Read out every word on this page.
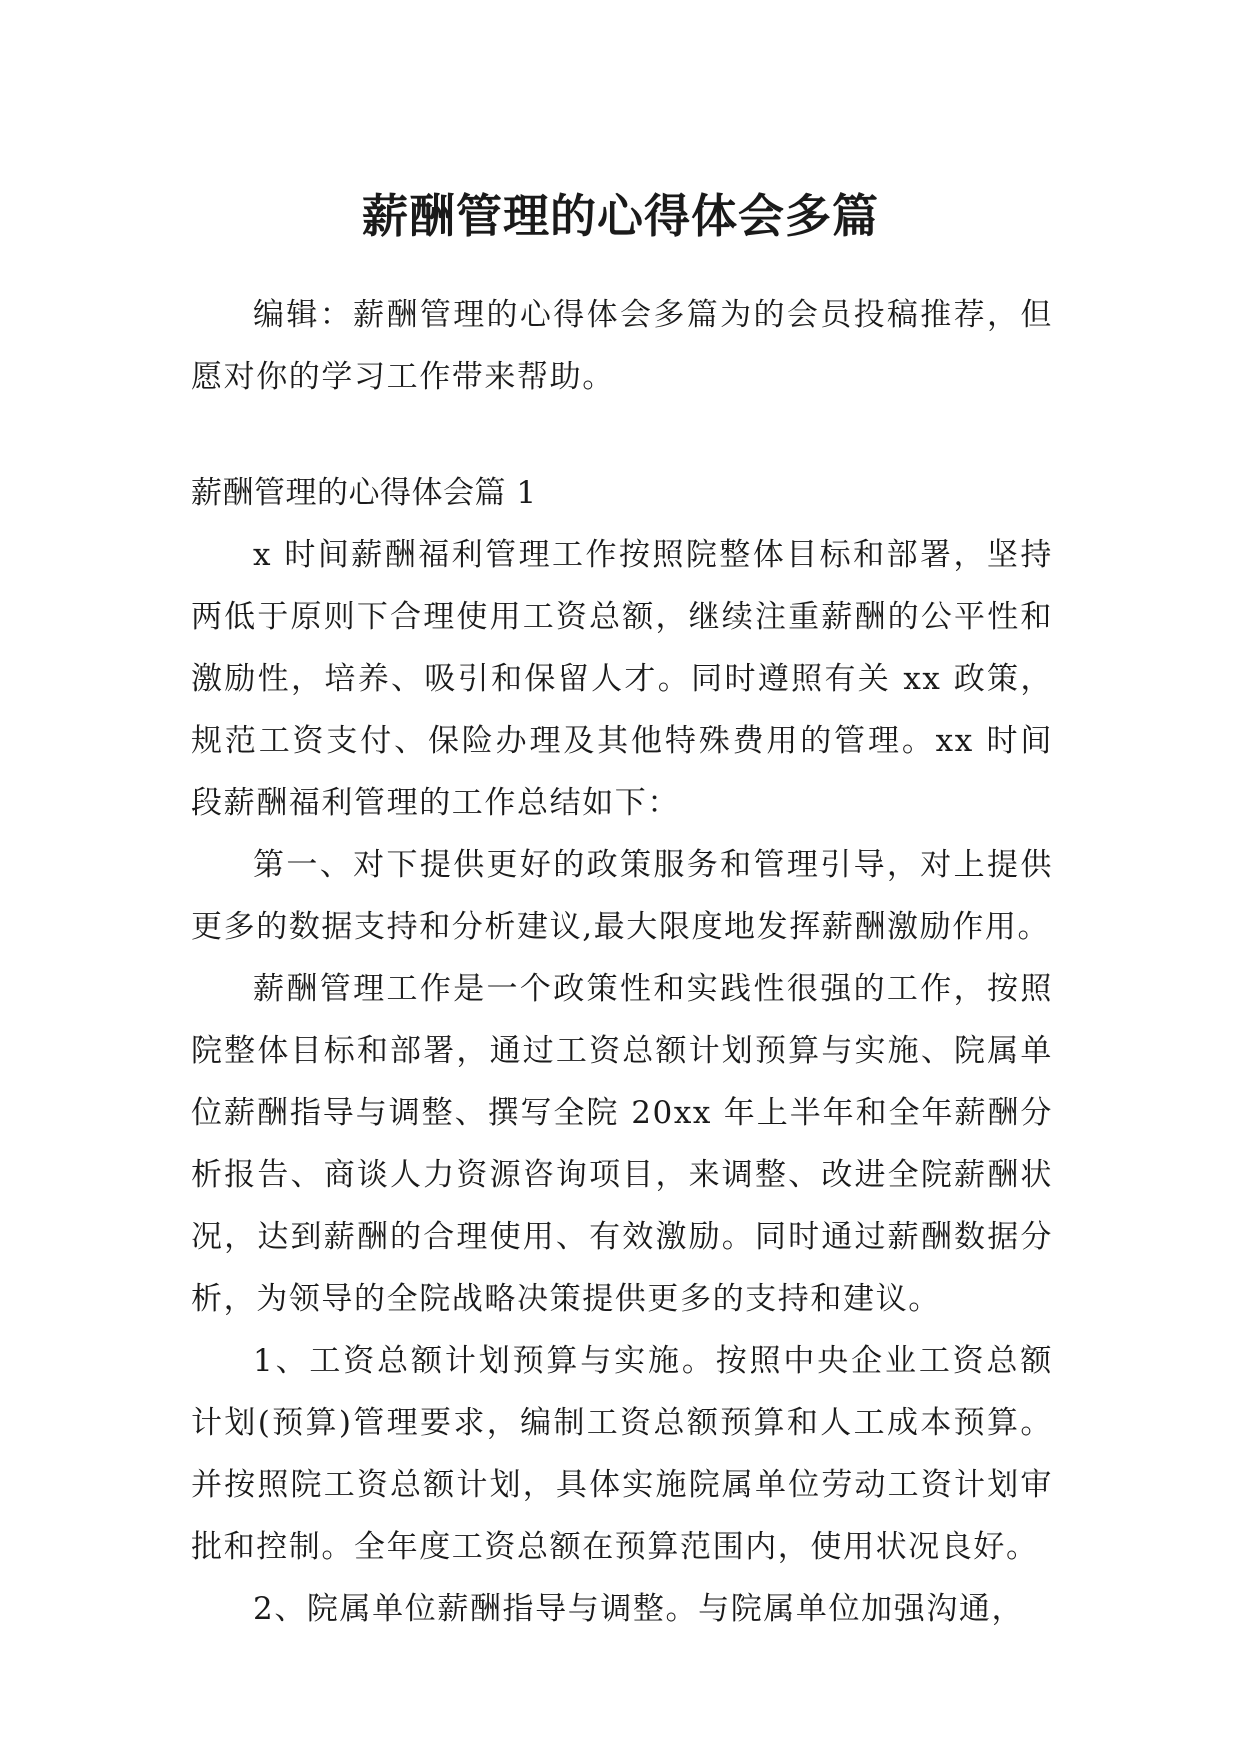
薪酬管理的心得体会多篇

编辑：薪酬管理的心得体会多篇为的会员投稿推荐，但愿对你的学习工作带来帮助。

薪酬管理的心得体会篇 1

x 时间薪酬福利管理工作按照院整体目标和部署，坚持两低于原则下合理使用工资总额，继续注重薪酬的公平性和激励性，培养、吸引和保留人才。同时遵照有关 xx 政策，规范工资支付、保险办理及其他特殊费用的管理。xx 时间段薪酬福利管理的工作总结如下：

第一、对下提供更好的政策服务和管理引导，对上提供更多的数据支持和分析建议,最大限度地发挥薪酬激励作用。

薪酬管理工作是一个政策性和实践性很强的工作，按照院整体目标和部署，通过工资总额计划预算与实施、院属单位薪酬指导与调整、撰写全院 20xx 年上半年和全年薪酬分析报告、商谈人力资源咨询项目，来调整、改进全院薪酬状况，达到薪酬的合理使用、有效激励。同时通过薪酬数据分析，为领导的全院战略决策提供更多的支持和建议。

1、工资总额计划预算与实施。按照中央企业工资总额计划(预算)管理要求，编制工资总额预算和人工成本预算。并按照院工资总额计划，具体实施院属单位劳动工资计划审批和控制。全年度工资总额在预算范围内，使用状况良好。

2、院属单位薪酬指导与调整。与院属单位加强沟通，
